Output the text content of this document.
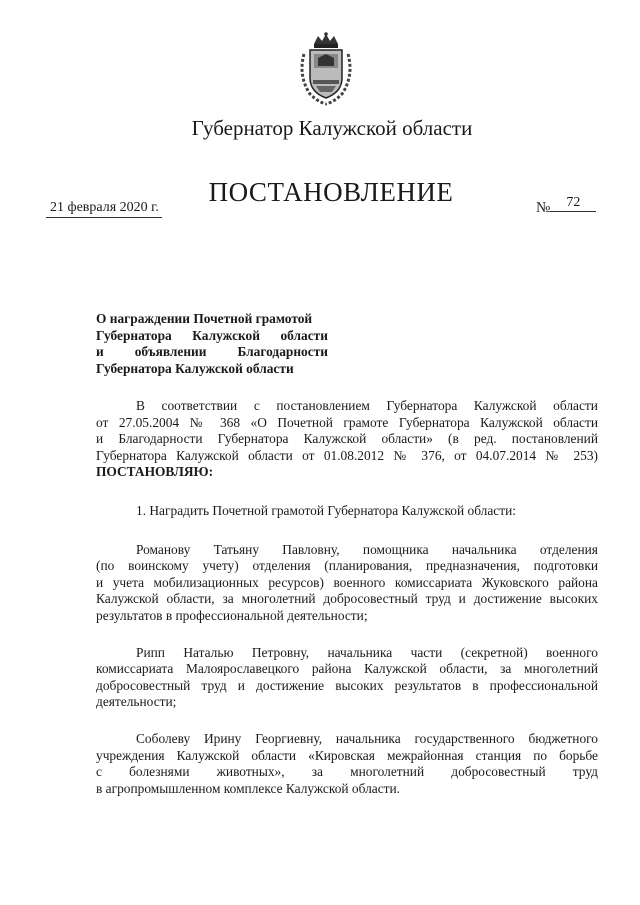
Губернатор Калужской области
ПОСТАНОВЛЕНИЕ
21 февраля 2020 г.	№ 72
О награждении Почетной грамотой
Губернатора Калужской области
и объявлении Благодарности
Губернатора Калужской области
В соответствии с постановлением Губернатора Калужской области
от 27.05.2004 № 368 «О Почетной грамоте Губернатора Калужской области
и Благодарности Губернатора Калужской области» (в ред. постановлений
Губернатора Калужской области от 01.08.2012 № 376, от 04.07.2014 № 253)
ПОСТАНОВЛЯЮ:
1. Наградить Почетной грамотой Губернатора Калужской области:
Романову Татьяну Павловну, помощника начальника отделения
(по воинскому учету) отделения (планирования, предназначения, подготовки
и учета мобилизационных ресурсов) военного комиссариата Жуковского района
Калужской области, за многолетний добросовестный труд и достижение высоких
результатов в профессиональной деятельности;
Рипп Наталью Петровну, начальника части (секретной) военного
комиссариата Малоярославецкого района Калужской области, за многолетний
добросовестный труд и достижение высоких результатов в профессиональной
деятельности;
Соболеву Ирину Георгиевну, начальника государственного бюджетного
учреждения Калужской области «Кировская межрайонная станция по борьбе
с болезнями животных», за многолетний добросовестный труд
в агропромышленном комплексе Калужской области.
